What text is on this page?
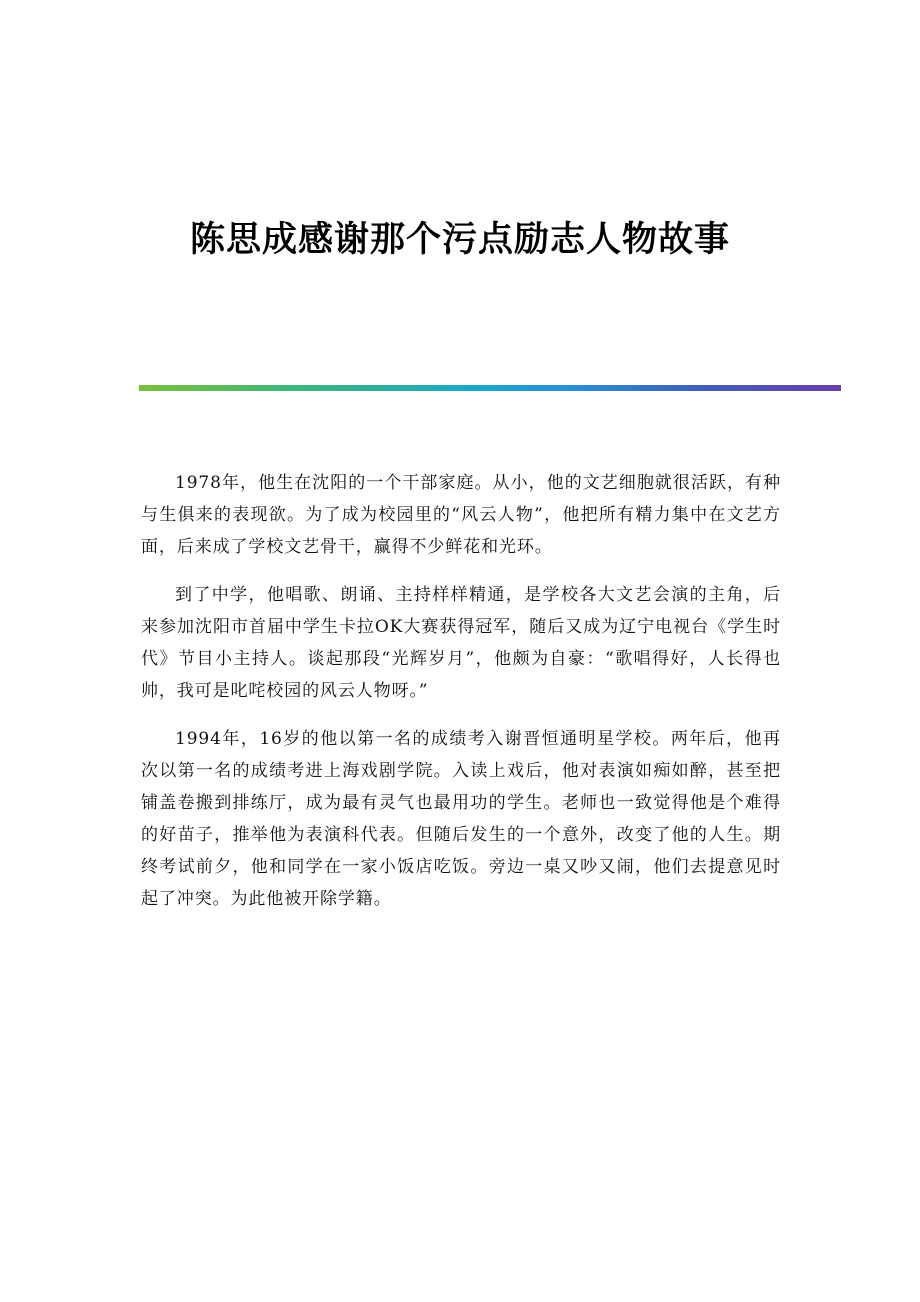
陈思成感谢那个污点励志人物故事

1978年，他生在沈阳的一个干部家庭。从小，他的文艺细胞就很活跃，有种与生俱来的表现欲。为了成为校园里的“风云人物”，他把所有精力集中在文艺方面，后来成了学校文艺骨干，赢得不少鲜花和光环。

到了中学，他唱歌、朗诵、主持样样精通，是学校各大文艺会演的主角，后来参加沈阳市首届中学生卡拉OK大赛获得冠军，随后又成为辽宁电视台《学生时代》节目小主持人。谈起那段“光辉岁月”，他颇为自豪：“歌唱得好，人长得也帅，我可是叱咤校园的风云人物呀。”

1994年，16岁的他以第一名的成绩考入谢晋恒通明星学校。两年后，他再次以第一名的成绩考进上海戏剧学院。入读上戏后，他对表演如痴如醉，甚至把铺盖卷搬到排练厅，成为最有灵气也最用功的学生。老师也一致觉得他是个难得的好苗子，推举他为表演科代表。但随后发生的一个意外，改变了他的人生。期终考试前夕，他和同学在一家小饭店吃饭。旁边一桌又吵又闹，他们去提意见时起了冲突。为此他被开除学籍。
